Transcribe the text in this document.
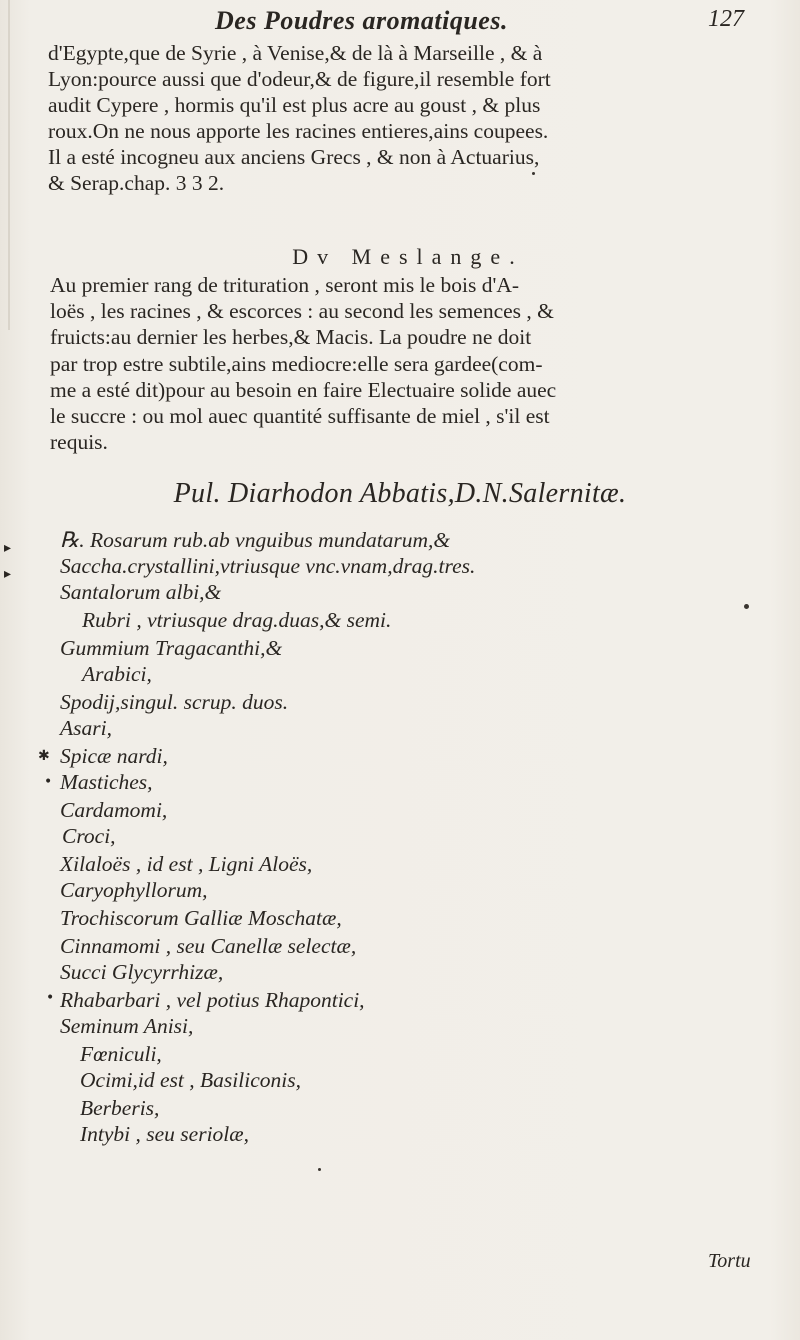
Des Poudres aromatiques.	127
d'Egypte,que de Syrie , à Venise,& de là à Marseille , & à
Lyon:pource aussi que d'odeur,& de figure,il resemble fort
audit Cypere , hormis qu'il est plus acre au goust , & plus
roux.On ne nous apporte les racines entieres,ains coupees.
Il a esté incogneu aux anciens Grecs , & non à Actuarius,
& Serap.chap. 3 3 2.
Dv Meslange.
Au premier rang de trituration , seront mis le bois d'A-
loës , les racines , & escorces : au second les semences , &
fruicts:au dernier les herbes,& Macis. La poudre ne doit
par trop estre subtile,ains mediocre:elle sera gardee(com-
me a esté dit)pour au besoin en faire Electuaire solide auec
le succre : ou mol auec quantité suffisante de miel , s'il est
requis.
Pul. Diarhodon Abbatis,D.N.Salernitæ.
℞. Rosarum rub.ab vnguibus mundatarum,&
Saccha.crystallini,vtriusque vnc.vnam,drag.tres.
Santalorum albi,&
Rubri , vtriusque drag.duas,& semi.
Gummium Tragacanthi,&
Arabici,
Spodij,singul. scrup. duos.
Asari,
Spicæ nardi,
Mastiches,
Cardamomi,
Croci,
Xilaloës , id est , Ligni Aloës,
Caryophyllorum,
Trochiscorum Galliæ Moschatæ,
Cinnamomi , seu Canellæ selectæ,
Succi Glycyrrhizæ,
Rhabarbari , vel potius Rhapontici,
Seminum Anisi,
Fœniculi,
Ocimi,id est , Basiliconis,
Berberis,
Intybi , seu seriolæ,
▸
▸
✱
•
•
Tortu
